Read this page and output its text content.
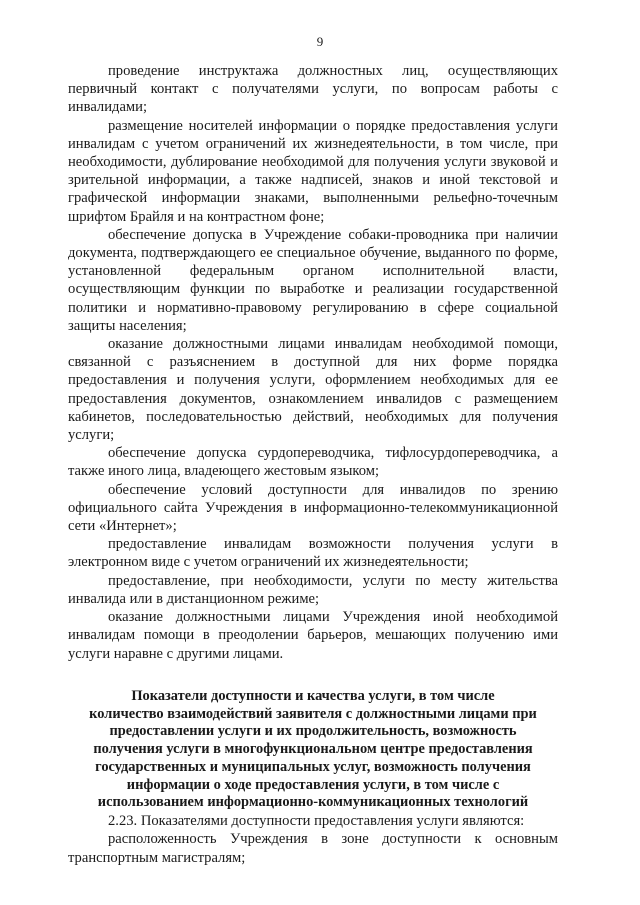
9

проведение инструктажа должностных лиц, осуществляющих первичный контакт с получателями услуги, по вопросам работы с инвалидами;

размещение носителей информации о порядке предоставления услуги инвалидам с учетом ограничений их жизнедеятельности, в том числе, при необходимости, дублирование необходимой для получения услуги звуковой и зрительной информации, а также надписей, знаков и иной текстовой и графической информации знаками, выполненными рельефно-точечным шрифтом Брайля и на контрастном фоне;

обеспечение допуска в Учреждение собаки-проводника при наличии документа, подтверждающего ее специальное обучение, выданного по форме, установленной федеральным органом исполнительной власти, осуществляющим функции по выработке и реализации государственной политики и нормативно-правовому регулированию в сфере социальной защиты населения;

оказание должностными лицами инвалидам необходимой помощи, связанной с разъяснением в доступной для них форме порядка предоставления и получения услуги, оформлением необходимых для ее предоставления документов, ознакомлением инвалидов с размещением кабинетов, последовательностью действий, необходимых для получения услуги;

обеспечение допуска сурдопереводчика, тифлосурдопереводчика, а также иного лица, владеющего жестовым языком;

обеспечение условий доступности для инвалидов по зрению официального сайта Учреждения в информационно-телекоммуникационной сети «Интернет»;

предоставление инвалидам возможности получения услуги в электронном виде с учетом ограничений их жизнедеятельности;

предоставление, при необходимости, услуги по месту жительства инвалида или в дистанционном режиме;

оказание должностными лицами Учреждения иной необходимой инвалидам помощи в преодолении барьеров, мешающих получению ими услуги наравне с другими лицами.

Показатели доступности и качества услуги, в том числе
количество взаимодействий заявителя с должностными лицами при
предоставлении услуги и их продолжительность, возможность
получения услуги в многофункциональном центре предоставления
государственных и муниципальных услуг, возможность получения
информации о ходе предоставления услуги, в том числе с
использованием информационно-коммуникационных технологий

2.23. Показателями доступности предоставления услуги являются:

расположенность Учреждения в зоне доступности к основным транспортным магистралям;
